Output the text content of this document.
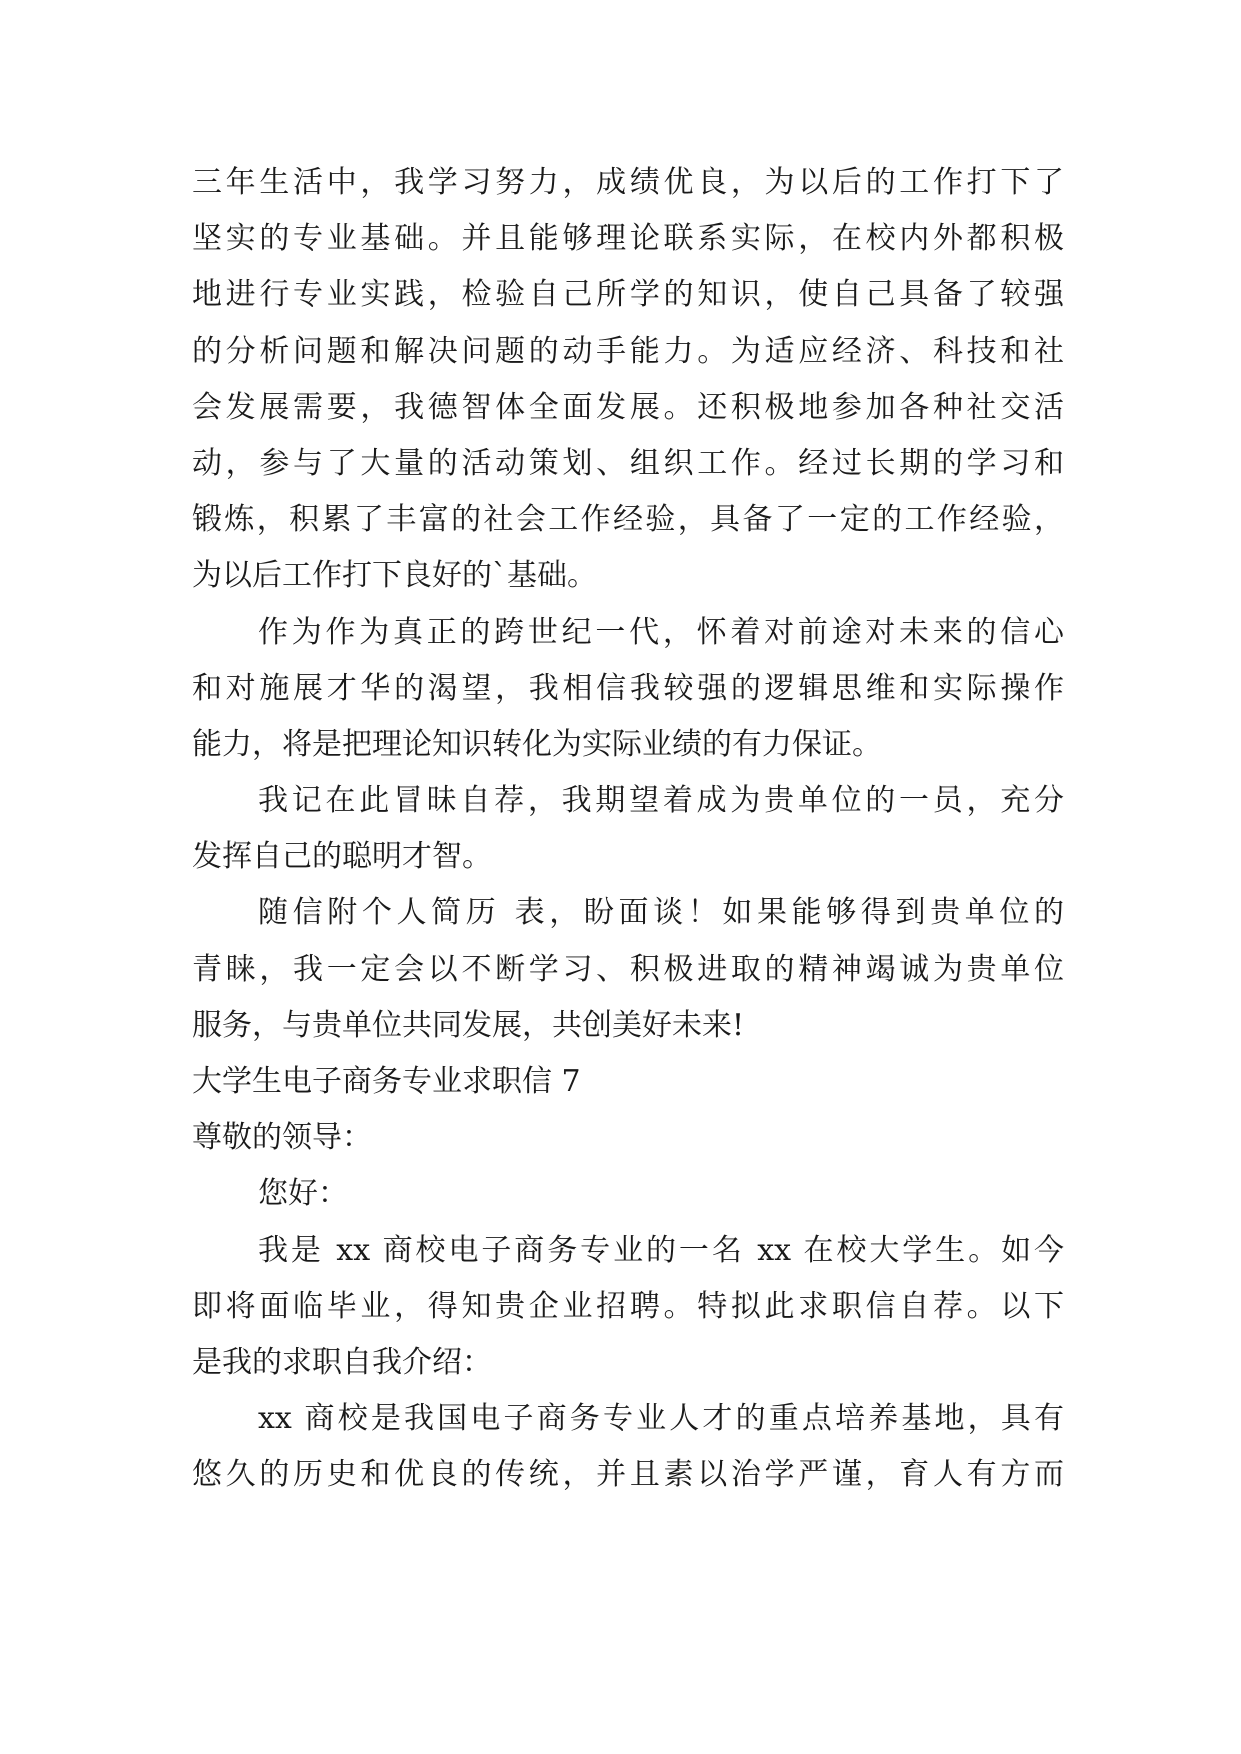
三年生活中，我学习努力，成绩优良，为以后的工作打下了
坚实的专业基础。并且能够理论联系实际，在校内外都积极
地进行专业实践，检验自己所学的知识，使自己具备了较强
的分析问题和解决问题的动手能力。为适应经济、科技和社
会发展需要，我德智体全面发展。还积极地参加各种社交活
动，参与了大量的活动策划、组织工作。经过长期的学习和
锻炼，积累了丰富的社会工作经验，具备了一定的工作经验，
为以后工作打下良好的`基础。
作为作为真正的跨世纪一代，怀着对前途对未来的信心
和对施展才华的渴望，我相信我较强的逻辑思维和实际操作
能力，将是把理论知识转化为实际业绩的有力保证。
我记在此冒昧自荐，我期望着成为贵单位的一员，充分
发挥自己的聪明才智。
随信附个人简历 表，盼面谈！如果能够得到贵单位的
青睐，我一定会以不断学习、积极进取的精神竭诚为贵单位
服务，与贵单位共同发展，共创美好未来!
大学生电子商务专业求职信 7
尊敬的领导：
您好：
我是 xx 商校电子商务专业的一名 xx 在校大学生。如今
即将面临毕业，得知贵企业招聘。特拟此求职信自荐。以下
是我的求职自我介绍：
xx 商校是我国电子商务专业人才的重点培养基地，具有
悠久的历史和优良的传统，并且素以治学严谨，育人有方而
